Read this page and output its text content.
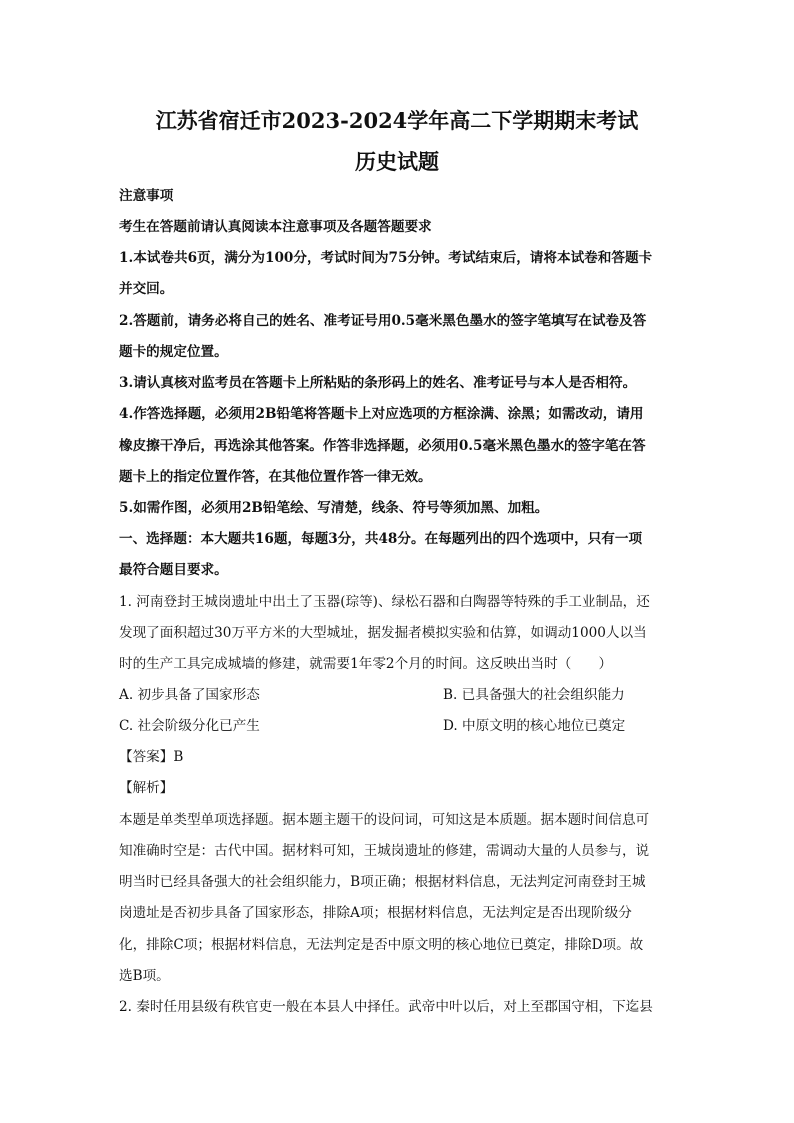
江苏省宿迁市2023-2024学年高二下学期期末考试
历史试题
注意事项
考生在答题前请认真阅读本注意事项及各题答题要求
1.本试卷共6页，满分为100分，考试时间为75分钟。考试结束后，请将本试卷和答题卡
并交回。
2.答题前，请务必将自己的姓名、准考证号用0.5毫米黑色墨水的签字笔填写在试卷及答
题卡的规定位置。
3.请认真核对监考员在答题卡上所粘贴的条形码上的姓名、准考证号与本人是否相符。
4.作答选择题，必须用2B铅笔将答题卡上对应选项的方框涂满、涂黑；如需改动，请用
橡皮擦干净后，再选涂其他答案。作答非选择题，必须用0.5毫米黑色墨水的签字笔在答
题卡上的指定位置作答，在其他位置作答一律无效。
5.如需作图，必须用2B铅笔绘、写清楚，线条、符号等须加黑、加粗。
一、选择题：本大题共16题，每题3分，共48分。在每题列出的四个选项中，只有一项
最符合题目要求。
1. 河南登封王城岗遗址中出土了玉器(琮等)、绿松石器和白陶器等特殊的手工业制品，还
发现了面积超过30万平方米的大型城址，据发掘者模拟实验和估算，如调动1000人以当
时的生产工具完成城墙的修建，就需要1年零2个月的时间。这反映出当时（　　）
A. 初步具备了国家形态	B. 已具备强大的社会组织能力
C. 社会阶级分化已产生	D. 中原文明的核心地位已奠定
【答案】B
【解析】
本题是单类型单项选择题。据本题主题干的设问词，可知这是本质题。据本题时间信息可
知准确时空是：古代中国。据材料可知，王城岗遗址的修建，需调动大量的人员参与，说
明当时已经具备强大的社会组织能力，B项正确；根据材料信息，无法判定河南登封王城
岗遗址是否初步具备了国家形态，排除A项；根据材料信息，无法判定是否出现阶级分
化，排除C项；根据材料信息，无法判定是否中原文明的核心地位已奠定，排除D项。故
选B项。
2. 秦时任用县级有秩官吏一般在本县人中择任。武帝中叶以后，对上至郡国守相，下迄县
